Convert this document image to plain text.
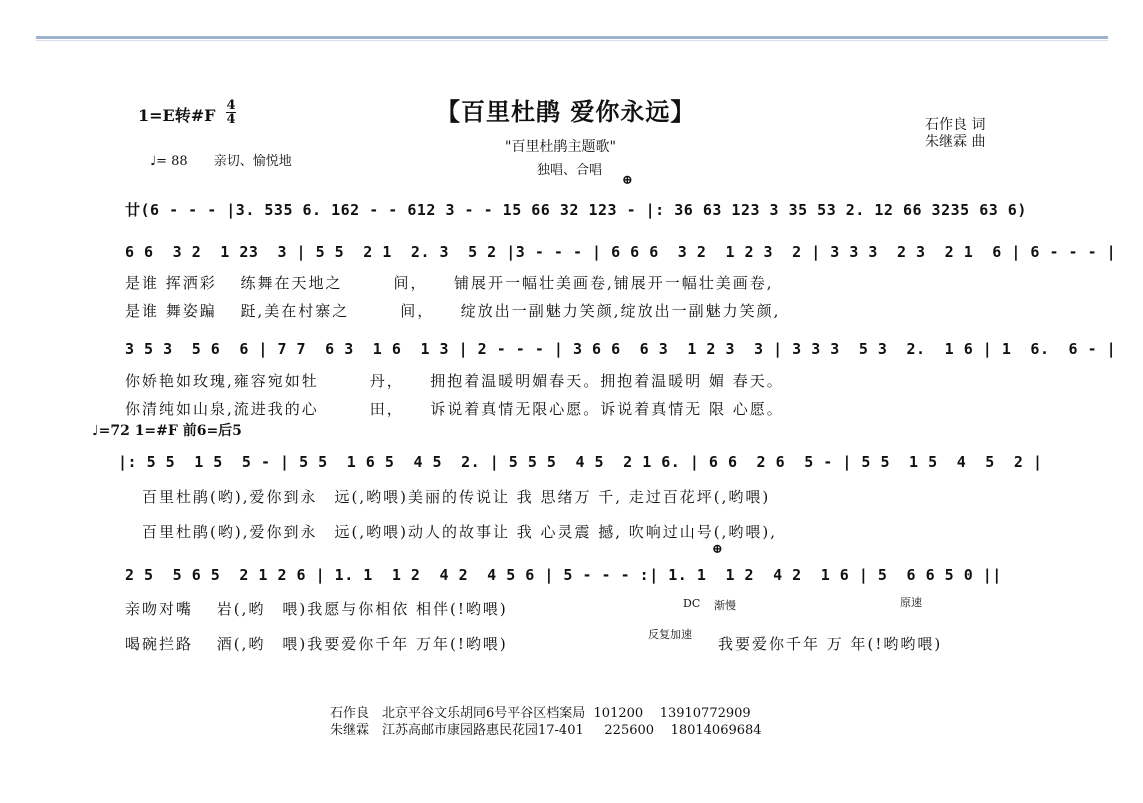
1=E转#F
4
4
♩= 88　　亲切、愉悦地
【百里杜鹃 爱你永远】
"百里杜鹃主题歌"
独唱、合唱
石作良 词
朱继霖 曲
⊕
廿(6 - - - |3. 535 6. 162 - - 612 3 - - 15 66 32 123 - |: 36 63 123 3 35 53 2. 12 66 3235 63 6)
6 6  3 2  1 23  3 | 5 5  2 1  2. 3  5 2 |3 - - - | 6 6 6  3 2  1 2 3  2 | 3 3 3  2 3  2 1  6 | 6 - - - |
是谁 挥洒彩　 练舞在天地之　　　间，　　铺展开一幅壮美画卷,铺展开一幅壮美画卷,
是谁 舞姿蹁　 跹,美在村寨之　　　间，　　绽放出一副魅力笑颜,绽放出一副魅力笑颜,
3 5 3  5 6  6 | 7 7  6 3  1 6  1 3 | 2 - - - | 3 6 6  6 3  1 2 3  3 | 3 3 3  5 3  2.  1 6 | 1  6.  6 - |
你娇艳如玫瑰,雍容宛如牡　　　丹，　　拥抱着温暖明媚春天。拥抱着温暖明 媚 春天。
你清纯如山泉,流进我的心　　　田，　　诉说着真情无限心愿。诉说着真情无 限 心愿。
♩=72 1=#F 前6=后5
|: 5 5  1 5  5 - | 5 5  1 6 5  4 5  2. | 5 5 5  4 5  2 1 6. | 6 6  2 6  5 - | 5 5  1 5  4  5  2 |
　百里杜鹃(哟),爱你到永　远(,哟喂)美丽的传说让 我 思绪万 千, 走过百花坪(,哟喂)
　百里杜鹃(哟),爱你到永　远(,哟喂)动人的故事让 我 心灵震 撼, 吹响过山号(,哟喂),
⊕
2 5  5 6 5  2 1 2 6 | 1. 1  1 2  4 2  4 5 6 | 5 - - - :| 1. 1  1 2  4 2  1 6 | 5  6 6 5 0 ||
DC 渐慢	原速
反复加速
亲吻对嘴　 岩(,哟　喂)我愿与你相依 相伴(!哟喂)
喝碗拦路　 酒(,哟　喂)我要爱你千年 万年(!哟喂)	我要爱你千年 万 年(!哟哟喂)
石作良　北京平谷文乐胡同6号平谷区档案局  101200    13910772909
朱继霖　江苏高邮市康园路惠民花园17-401     225600    18014069684
